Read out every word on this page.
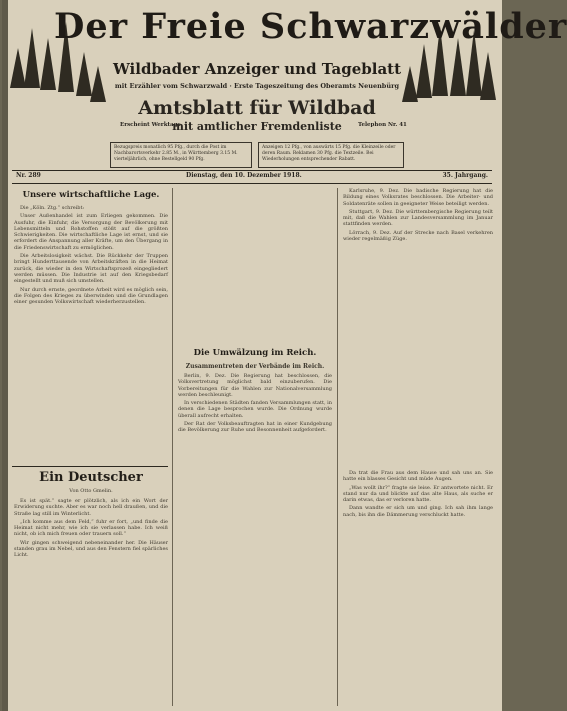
Der Freie Schwarzwälder
Wildbader Anzeiger und Tageblatt
mit Erzähler vom Schwarzwald · Erste Tageszeitung des Oberamts Neuenbürg
Amtsblatt für Wildbad
Erscheint Werktags
mit amtlicher Fremdenliste	Telephon Nr. 41
Bezugspreis monatlich 95 Pfg., durch die Post im Nachbarortsverkehr 2.85 M., in Württemberg 3.15 M. vierteljährlich, ohne Bestellgeld 90 Pfg.
Anzeigen 12 Pfg., von auswärts 15 Pfg. die Kleinzeile oder deren Raum. Reklamen 30 Pfg. die Textzeile. Bei Wiederholungen entsprechender Rabatt.
Nr. 289	Dienstag, den 10. Dezember 1918.	35. Jahrgang.
Unsere wirtschaftliche Lage.

Die „Köln. Ztg.“ schreibt:

Unser Außenhandel ist zum Erliegen gekommen. Die Ausfuhr, die Einfuhr, die Versorgung der Bevölkerung mit Lebensmitteln und Rohstoffen stößt auf die größten Schwierigkeiten. Die wirtschaftliche Lage ist ernst, und sie erfordert die Anspannung aller Kräfte, um den Übergang in die Friedenswirtschaft zu ermöglichen.

Die Arbeitslosigkeit wächst. Die Rückkehr der Truppen bringt Hunderttausende von Arbeitskräften in die Heimat zurück, die wieder in den Wirtschaftsprozeß eingegliedert werden müssen. Die Industrie ist auf den Kriegsbedarf eingestellt und muß sich umstellen.

Nur durch ernste, geordnete Arbeit wird es möglich sein, die Folgen des Krieges zu überwinden und die Grundlagen einer gesunden Volkswirtschaft wiederherzustellen.

Ein Deutscher
Von Otto Gmelin.

Es ist spät.“ sagte er plötzlich, als ich ein Wort der Erwiderung suchte. Aber es war noch hell draußen, und die Straße lag still im Winterlicht.

„Ich komme aus dem Feld,“ fuhr er fort, „und finde die Heimat nicht mehr, wie ich sie verlassen habe. Ich weiß nicht, ob ich mich freuen oder trauern soll.“

Wir gingen schweigend nebeneinander her. Die Häuser standen grau im Nebel, und aus den Fenstern fiel spärliches Licht.

Die Umwälzung im Reich.
Zusammentreten der Verbände im Reich.

Berlin, 9. Dez. Die Regierung hat beschlossen, die Volksvertretung möglichst bald einzuberufen. Die Vorbereitungen für die Wahlen zur Nationalversammlung werden beschleunigt.

In verschiedenen Städten fanden Versammlungen statt, in denen die Lage besprochen wurde. Die Ordnung wurde überall aufrecht erhalten.

Der Rat der Volksbeauftragten hat in einer Kundgebung die Bevölkerung zur Ruhe und Besonnenheit aufgefordert.

Karlsruhe, 9. Dez. Die badische Regierung hat die Bildung eines Volksrates beschlossen. Die Arbeiter- und Soldatenräte sollen in geeigneter Weise beteiligt werden.

Stuttgart, 9. Dez. Die württembergische Regierung teilt mit, daß die Wahlen zur Landesversammlung im Januar stattfinden werden.

Lörrach, 9. Dez. Auf der Strecke nach Basel verkehren wieder regelmäßig Züge.

Da trat die Frau aus dem Hause und sah uns an. Sie hatte ein blasses Gesicht und müde Augen.

„Was wollt ihr?“ fragte sie leise. Er antwortete nicht. Er stand nur da und blickte auf das alte Haus, als suche er darin etwas, das er verloren hatte.

Dann wandte er sich um und ging. Ich sah ihm lange nach, bis ihn die Dämmerung verschluckt hatte.
